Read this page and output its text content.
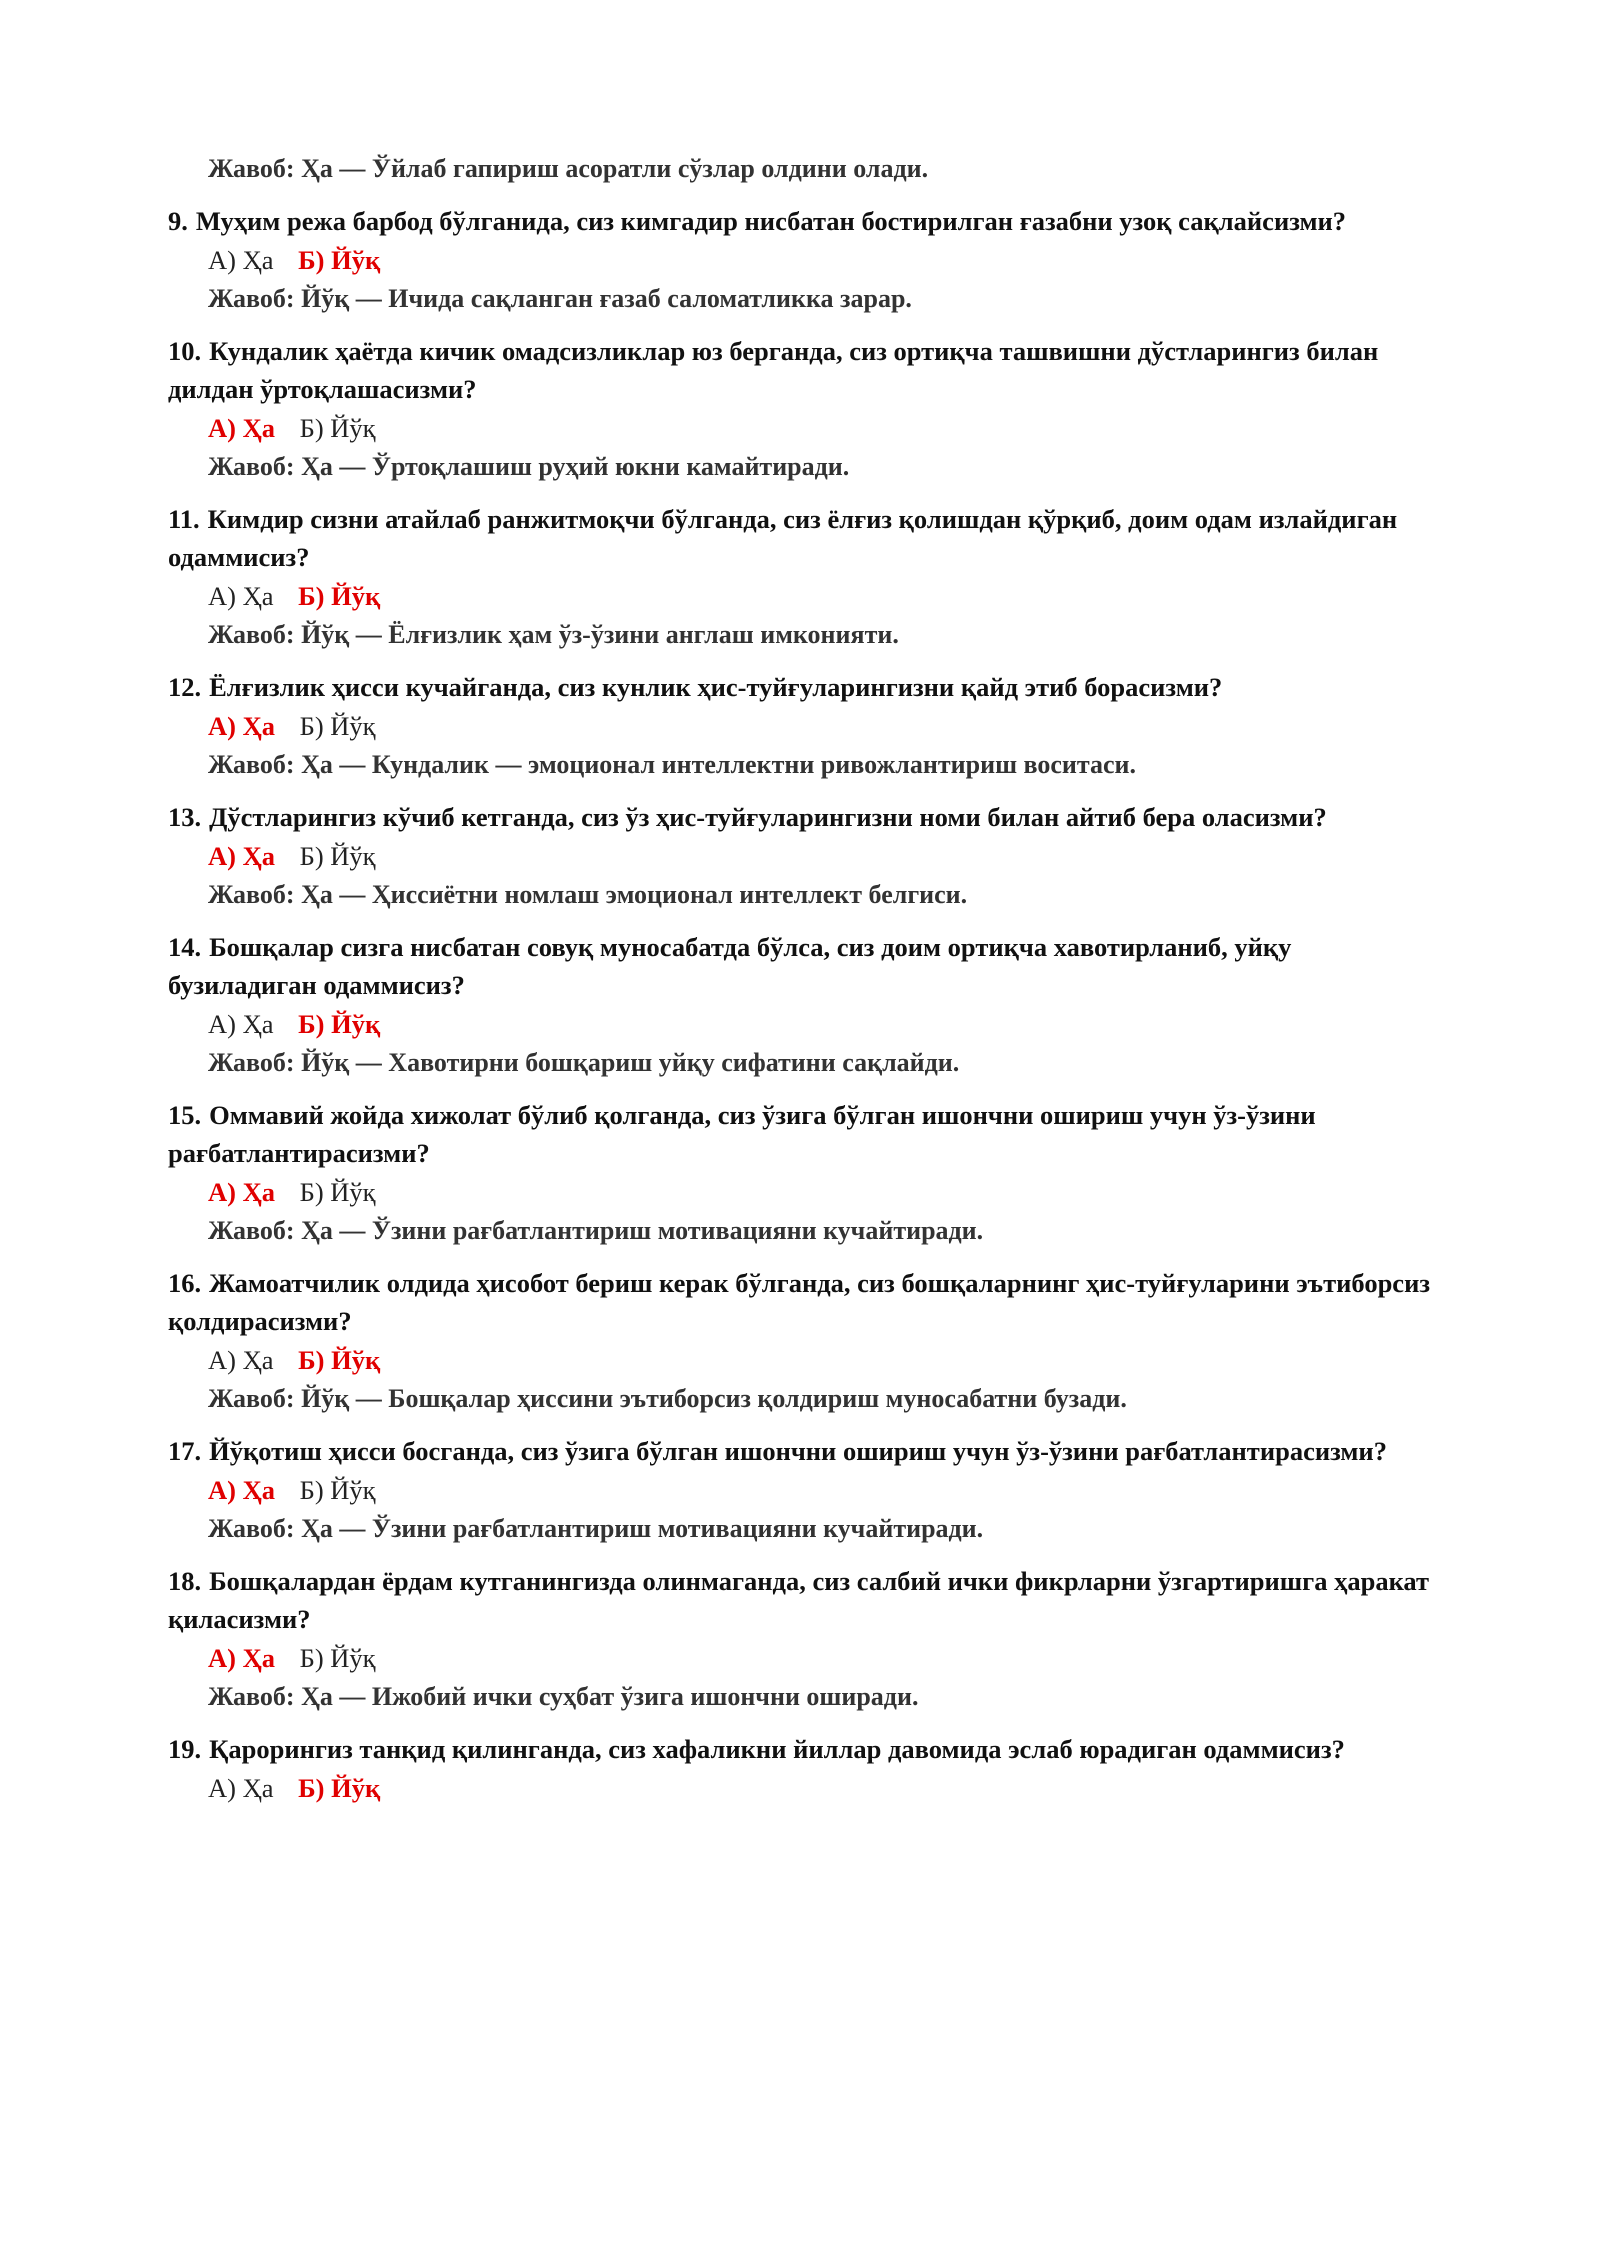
Жавоб: Ҳа — Ўйлаб гапириш асоратли сўзлар олдини олади.

9. Муҳим режа барбод бўлганида, сиз кимгадир нисбатан бостирилган ғазабни узоқ сақлайсизми?

А) Ҳа Б) Йўқ
Жавоб: Йўқ — Ичида сақланган ғазаб саломатликка зарар.

10. Кундалик ҳаётда кичик омадсизликлар юз берганда, сиз ортиқча ташвишни дўстларингиз билан дилдан ўртоқлашасизми?

А) Ҳа Б) Йўқ
Жавоб: Ҳа — Ўртоқлашиш руҳий юкни камайтиради.

11. Кимдир сизни атайлаб ранжитмоқчи бўлганда, сиз ёлғиз қолишдан қўрқиб, доим одам излайдиган одаммисиз?

А) Ҳа Б) Йўқ
Жавоб: Йўқ — Ёлғизлик ҳам ўз-ўзини англаш имконияти.

12. Ёлғизлик ҳисси кучайганда, сиз кунлик ҳис-туйғуларингизни қайд этиб борасизми?

А) Ҳа Б) Йўқ
Жавоб: Ҳа — Кундалик — эмоционал интеллектни ривожлантириш воситаси.

13. Дўстларингиз кўчиб кетганда, сиз ўз ҳис-туйғуларингизни номи билан айтиб бера оласизми?

А) Ҳа Б) Йўқ
Жавоб: Ҳа — Ҳиссиётни номлаш эмоционал интеллект белгиси.

14. Бошқалар сизга нисбатан совуқ муносабатда бўлса, сиз доим ортиқча хавотирланиб, уйқу бузиладиган одаммисиз?

А) Ҳа Б) Йўқ
Жавоб: Йўқ — Хавотирни бошқариш уйқу сифатини сақлайди.

15. Оммавий жойда хижолат бўлиб қолганда, сиз ўзига бўлган ишончни ошириш учун ўз-ўзини рағбатлантирасизми?

А) Ҳа Б) Йўқ
Жавоб: Ҳа — Ўзини рағбатлантириш мотивацияни кучайтиради.

16. Жамоатчилик олдида ҳисобот бериш керак бўлганда, сиз бошқаларнинг ҳис-туйғуларини эътиборсиз қолдирасизми?

А) Ҳа Б) Йўқ
Жавоб: Йўқ — Бошқалар ҳиссини эътиборсиз қолдириш муносабатни бузади.

17. Йўқотиш ҳисси босганда, сиз ўзига бўлган ишончни ошириш учун ўз-ўзини рағбатлантирасизми?

А) Ҳа Б) Йўқ
Жавоб: Ҳа — Ўзини рағбатлантириш мотивацияни кучайтиради.

18. Бошқалардан ёрдам кутганингизда олинмаганда, сиз салбий ички фикрларни ўзгартиришга ҳаракат қиласизми?

А) Ҳа Б) Йўқ
Жавоб: Ҳа — Ижобий ички суҳбат ўзига ишончни оширади.

19. Қарорингиз танқид қилинганда, сиз хафаликни йиллар давомида эслаб юрадиган одаммисиз?

А) Ҳа Б) Йўқ
